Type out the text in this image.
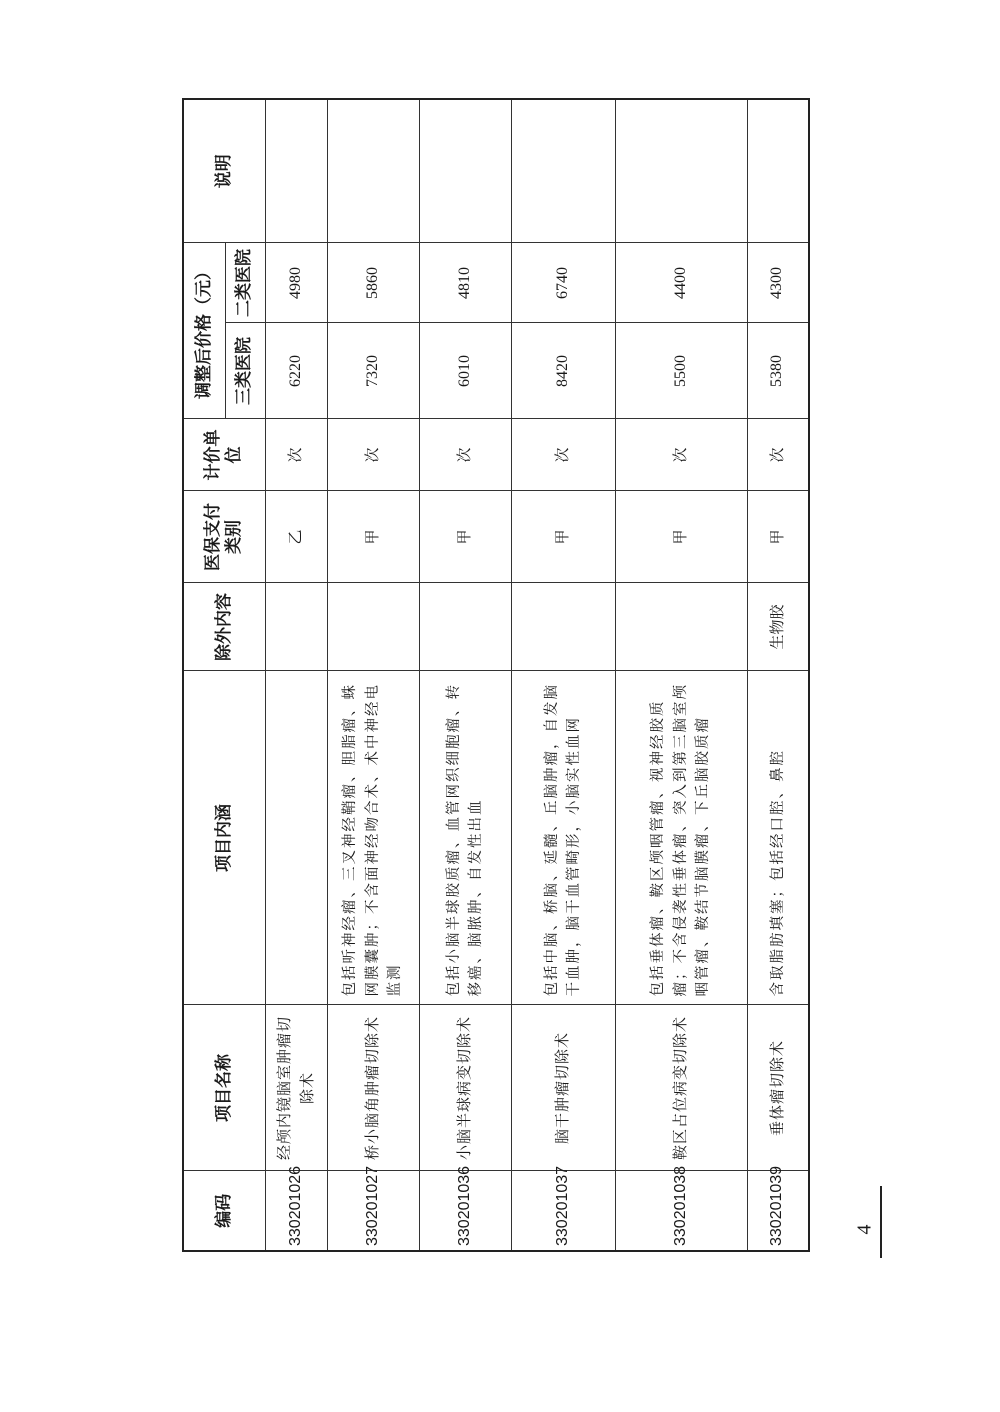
编码	项目名称	项目内涵	除外内容	医保支付类别	计价单位	调整后价格（元）		说明
						三类医院	二类医院	
330201026	经颅内镜脑室肿瘤切除术			乙	次	6220	4980	
330201027	桥小脑角肿瘤切除术	包括听神经瘤、三叉神经鞘瘤、胆脂瘤、蛛网膜囊肿；不含面神经吻合术、术中神经电监测		甲	次	7320	5860	
330201036	小脑半球病变切除术	包括小脑半球胶质瘤、血管网织细胞瘤、转移癌、脑脓肿、自发性出血		甲	次	6010	4810	
330201037	脑干肿瘤切除术	包括中脑、桥脑、延髓、丘脑肿瘤，自发脑干血肿，脑干血管畸形，小脑实性血网		甲	次	8420	6740	
330201038	鞍区占位病变切除术	包括垂体瘤、鞍区颅咽管瘤、视神经胶质瘤；不含侵袭性垂体瘤、突入到第三脑室颅咽管瘤、鞍结节脑膜瘤、下丘脑胶质瘤		甲	次	5500	4400	
330201039	垂体瘤切除术	含取脂肪填塞；包括经口腔、鼻腔	生物胶	甲	次	5380	4300	
4
